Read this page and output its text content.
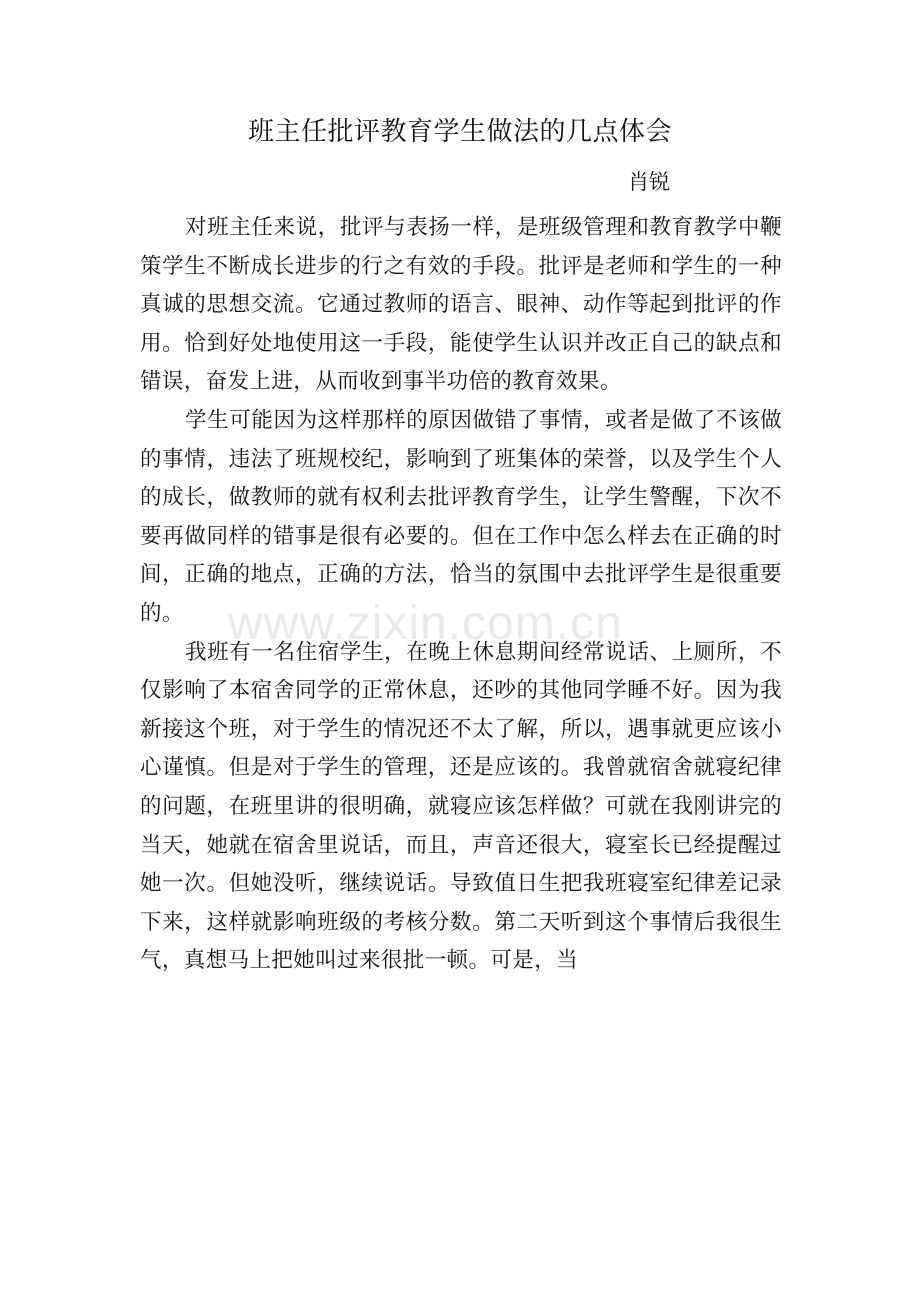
班主任批评教育学生做法的几点体会
肖锐

对班主任来说，批评与表扬一样，是班级管理和教育教学中鞭策学生不断成长进步的行之有效的手段。批评是老师和学生的一种真诚的思想交流。它通过教师的语言、眼神、动作等起到批评的作用。恰到好处地使用这一手段，能使学生认识并改正自己的缺点和错误，奋发上进，从而收到事半功倍的教育效果。

学生可能因为这样那样的原因做错了事情，或者是做了不该做的事情，违法了班规校纪，影响到了班集体的荣誉，以及学生个人的成长，做教师的就有权利去批评教育学生，让学生警醒，下次不要再做同样的错事是很有必要的。但在工作中怎么样去在正确的时间，正确的地点，正确的方法，恰当的氛围中去批评学生是很重要的。

我班有一名住宿学生，在晚上休息期间经常说话、上厕所，不仅影响了本宿舍同学的正常休息，还吵的其他同学睡不好。因为我新接这个班，对于学生的情况还不太了解，所以，遇事就更应该小心谨慎。但是对于学生的管理，还是应该的。我曾就宿舍就寝纪律的问题，在班里讲的很明确，就寝应该怎样做？可就在我刚讲完的当天，她就在宿舍里说话，而且，声音还很大，寝室长已经提醒过她一次。但她没听，继续说话。导致值日生把我班寝室纪律差记录下来，这样就影响班级的考核分数。第二天听到这个事情后我很生气，真想马上把她叫过来很批一顿。可是，当

www.zixin.com.cn
